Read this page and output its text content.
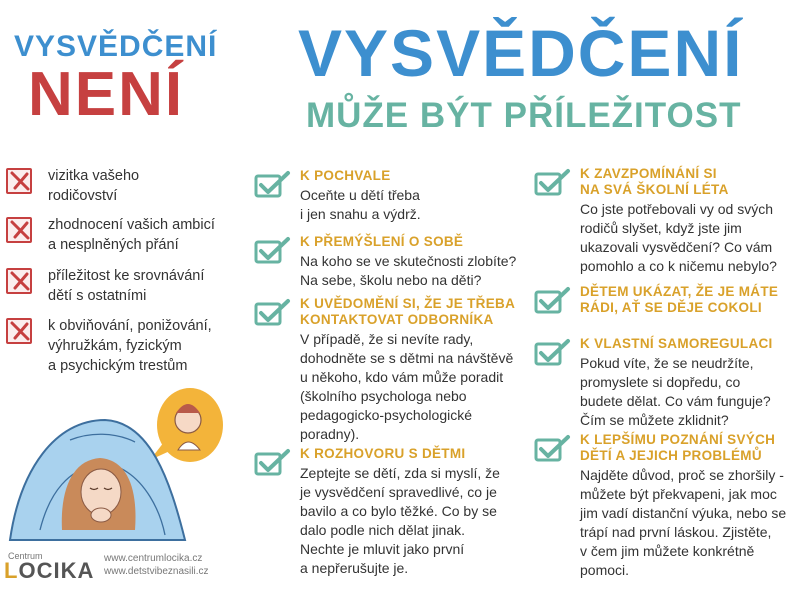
VYSVĚDČENÍ
NENÍ
VYSVĚDČENÍ
MŮŽE BÝT PŘÍLEŽITOST
vizitka vašeho
rodičovství
zhodnocení vašich ambicí
a nesplněných přání
příležitost ke srovnávání
dětí s ostatními
k obviňování, ponižování,
výhružkám, fyzickým
a psychickým trestům
K POCHVALE
Oceňte u dětí třeba
i jen snahu a výdrž.
K PŘEMÝŠLENÍ O SOBĚ
Na koho se ve skutečnosti zlobíte?
Na sebe, školu nebo na děti?
K UVĚDOMĚNÍ SI, ŽE JE TŘEBA
KONTAKTOVAT ODBORNÍKA
V případě, že si nevíte rady,
dohodněte se s dětmi na návštěvě
u někoho, kdo vám může poradit
(školního psychologa nebo
pedagogicko-psychologické
poradny).
K ROZHOVORU S DĚTMI
Zeptejte se dětí, zda si myslí, že
je vysvědčení spravedlivé, co je
bavilo a co bylo těžké. Co by se
dalo podle nich dělat jinak.
Nechte je mluvit jako první
a nepřerušujte je.
K ZAVZPOMÍNÁNÍ SI
NA SVÁ ŠKOLNÍ LÉTA
Co jste potřebovali vy od svých
rodičů slyšet, když jste jim
ukazovali vysvědčení? Co vám
pomohlo a co k ničemu nebylo?
DĚTEM UKÁZAT, ŽE JE MÁTE
RÁDI, AŤ SE DĚJE COKOLI
K VLASTNÍ SAMOREGULACI
Pokud víte, že se neudržíte,
promyslete si dopředu, co
budete dělat. Co vám funguje?
Čím se můžete zklidnit?
K LEPŠÍMU POZNÁNÍ SVÝCH
DĚTÍ A JEJICH PROBLÉMŮ
Najděte důvod, proč se zhoršily -
můžete být překvapeni, jak moc
jim vadí distanční výuka, nebo se
trápí nad první láskou. Zjistěte,
v čem jim můžete konkrétně
pomoci.
Centrum
LOCIKA www.centrumlocika.cz
www.detstvibeznasili.cz
